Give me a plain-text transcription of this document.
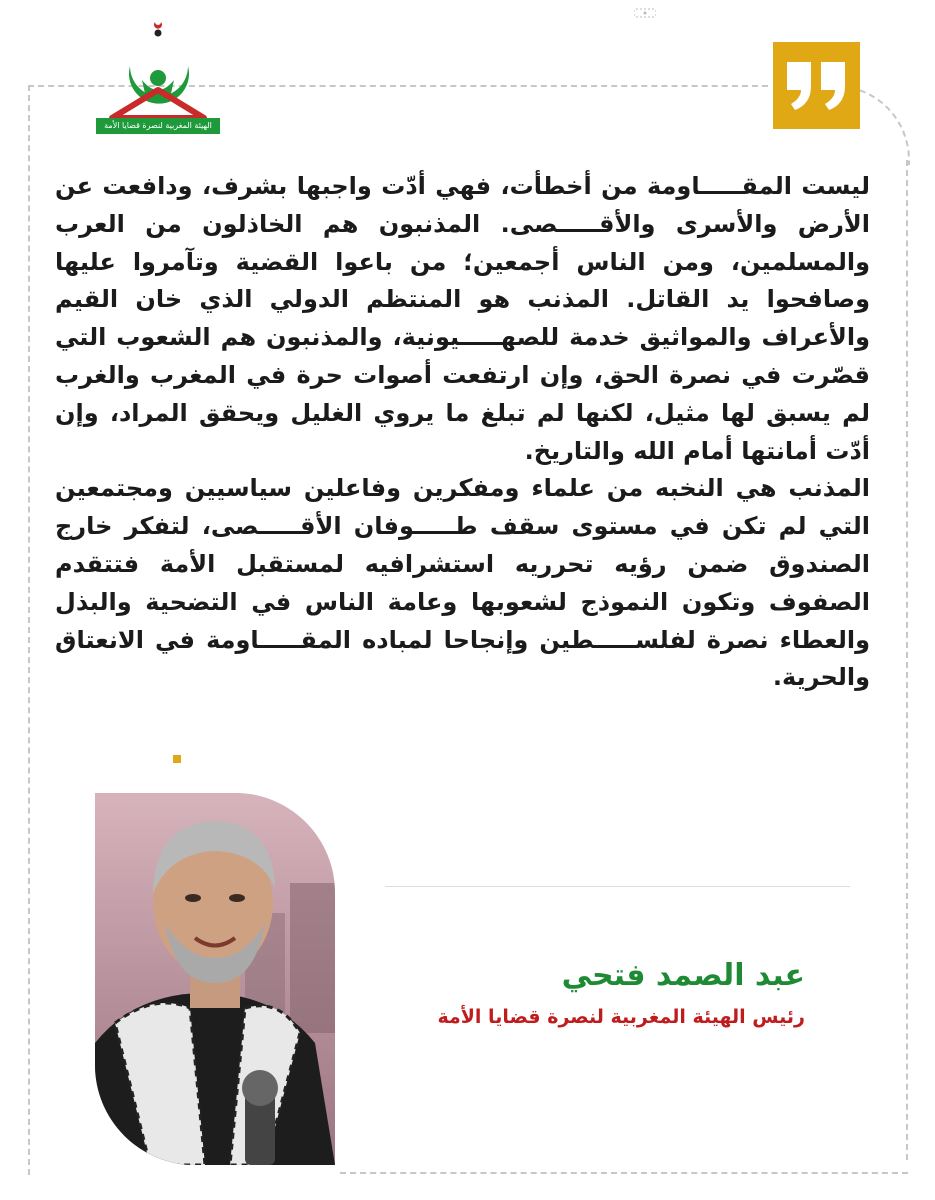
الهيئة المغربية لنصرة قضايا الأمة

ليست المقـــــاومة من أخطأت، فهي أدّت واجبها بشرف، ودافعت عن الأرض والأسرى والأقـــــصى. المذنبون هم الخاذلون من العرب والمسلمين، ومن الناس أجمعين؛ من باعوا القضية وتآمروا عليها وصافحوا يد القاتل. المذنب هو المنتظم الدولي الذي خان القيم والأعراف والمواثيق خدمة للصهـــــيونية، والمذنبون هم الشعوب التي قصّرت في نصرة الحق، وإن ارتفعت أصوات حرة في المغرب والغرب لم يسبق لها مثيل، لكنها لم تبلغ ما يروي الغليل ويحقق المراد، وإن أدّت أمانتها أمام الله والتاريخ.

المذنب هي النخبه من علماء ومفكرين وفاعلين سياسيين ومجتمعين التي لم تكن في مستوى سقف طـــــوفان الأقـــــصى، لتفكر خارج الصندوق ضمن رؤيه تحرريه استشرافيه لمستقبل الأمة فتتقدم الصفوف وتكون النموذج لشعوبها وعامة الناس في التضحية والبذل والعطاء نصرة لفلســـــطين وإنجاحا لمباده المقـــــاومة في الانعتاق والحرية.

عبد الصمد فتحي
رئيس الهيئة المغربية لنصرة قضايا الأمة
